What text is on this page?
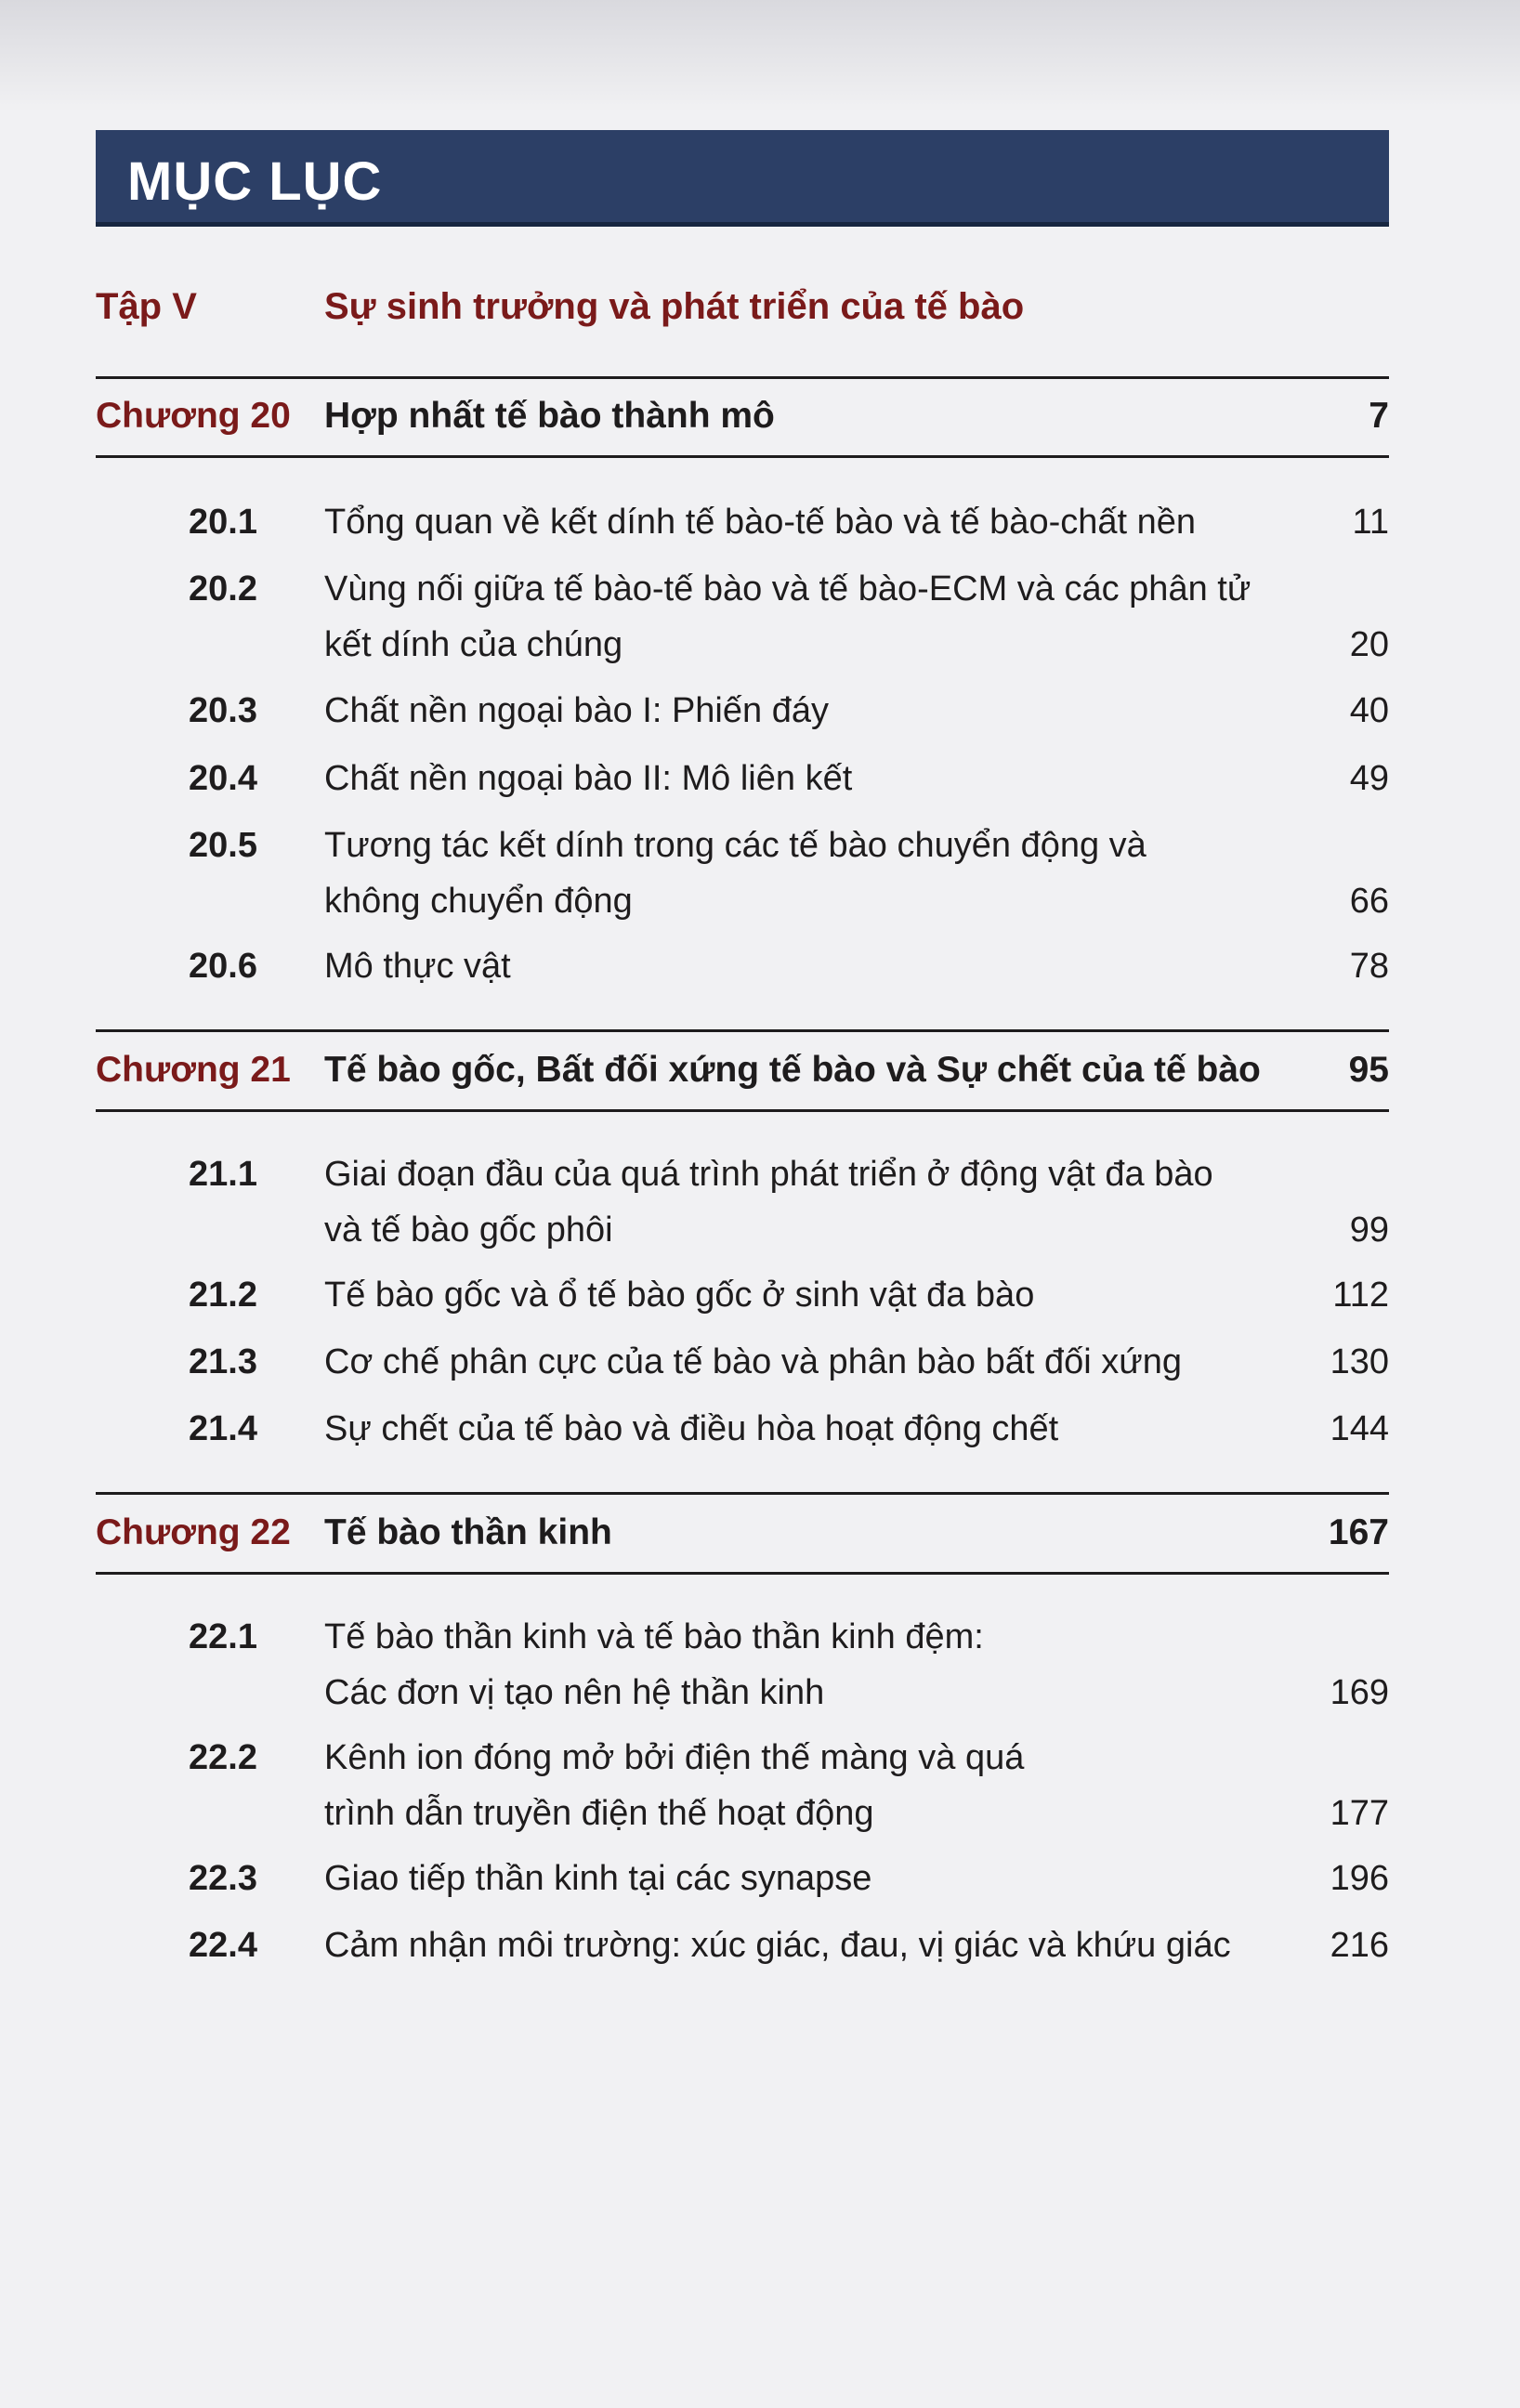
MỤC LỤC
Tập V	Sự sinh trưởng và phát triển của tế bào
Chương 20 Hợp nhất tế bào thành mô	7
20.1 Tổng quan về kết dính tế bào-tế bào và tế bào-chất nền	11
20.2 Vùng nối giữa tế bào-tế bào và tế bào-ECM và các phân tử
kết dính của chúng	20
20.3 Chất nền ngoại bào I: Phiến đáy	40
20.4 Chất nền ngoại bào II: Mô liên kết	49
20.5 Tương tác kết dính trong các tế bào chuyển động và
không chuyển động	66
20.6 Mô thực vật	78
Chương 21 Tế bào gốc, Bất đối xứng tế bào và Sự chết của tế bào 95
21.1 Giai đoạn đầu của quá trình phát triển ở động vật đa bào
và tế bào gốc phôi	99
21.2 Tế bào gốc và ổ tế bào gốc ở sinh vật đa bào	112
21.3 Cơ chế phân cực của tế bào và phân bào bất đối xứng	130
21.4 Sự chết của tế bào và điều hòa hoạt động chết	144
Chương 22 Tế bào thần kinh	167
22.1 Tế bào thần kinh và tế bào thần kinh đệm:
Các đơn vị tạo nên hệ thần kinh	169
22.2 Kênh ion đóng mở bởi điện thế màng và quá
trình dẫn truyền điện thế hoạt động	177
22.3 Giao tiếp thần kinh tại các synapse	196
22.4 Cảm nhận môi trường: xúc giác, đau, vị giác và khứu giác	216
